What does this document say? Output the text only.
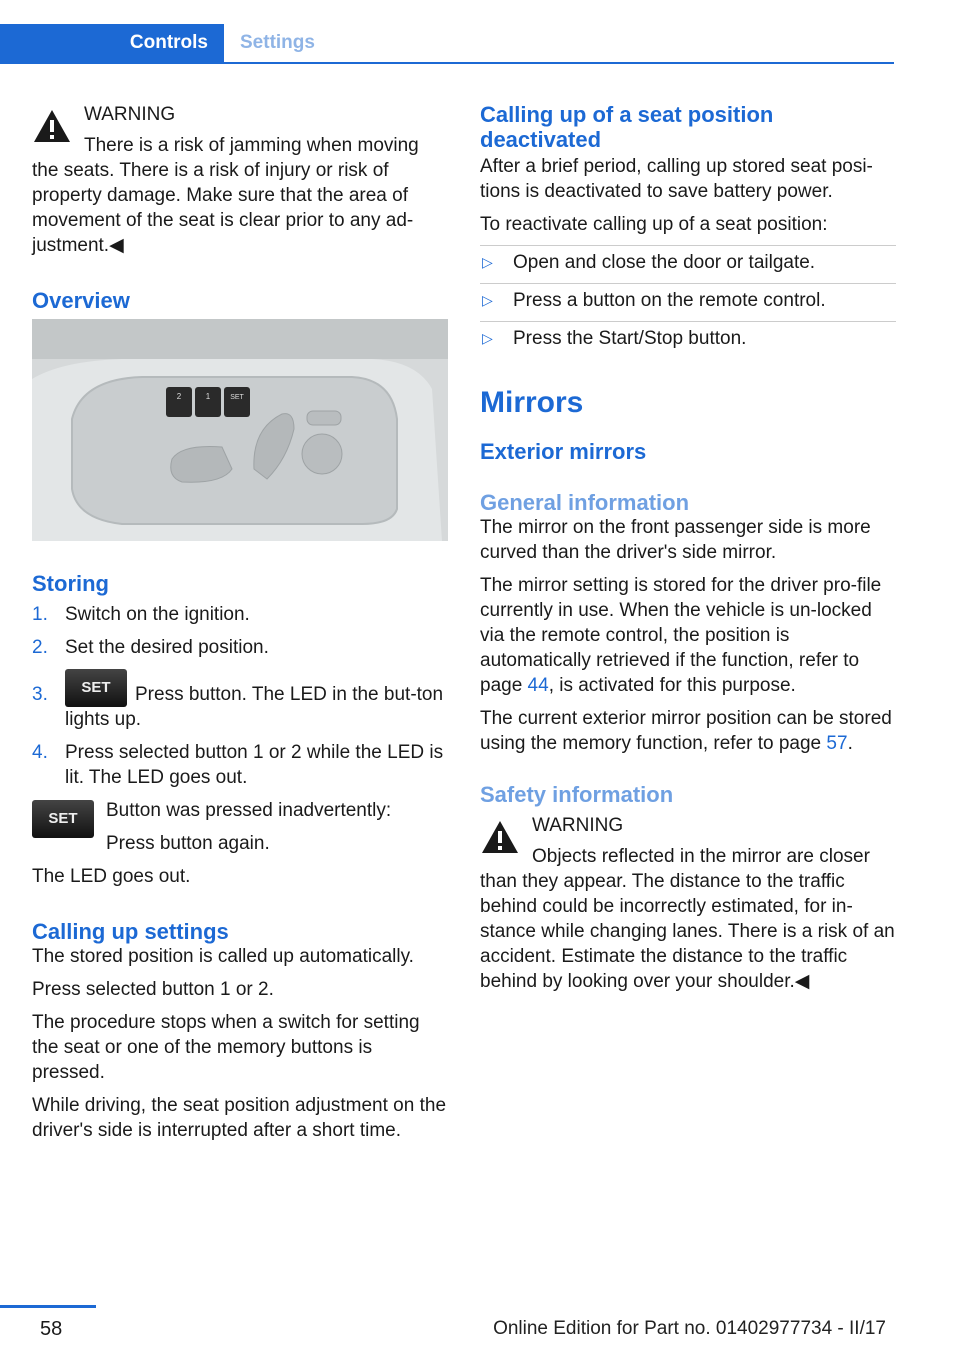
Controls	Settings

WARNING

There is a risk of jamming when moving

the seats. There is a risk of injury or risk of property damage. Make sure that the area of movement of the seat is clear prior to any ad‐justment.◀

Overview
2	1	SET
Storing
1. Switch on the ignition.
2. Set the desired position.
3. SET Press button. The LED in the but‐ton lights up.
4. Press selected button 1 or 2 while the LED is lit. The LED goes out.
SET	Button was pressed inadvertently:

Press button again.

The LED goes out.

Calling up settings

The stored position is called up automatically.

Press selected button 1 or 2.

The procedure stops when a switch for setting the seat or one of the memory buttons is pressed.

While driving, the seat position adjustment on the driver's side is interrupted after a short time.

Calling up of a seat position deactivated

After a brief period, calling up stored seat posi‐tions is deactivated to save battery power.

To reactivate calling up of a seat position:

▷ Open and close the door or tailgate.
▷ Press a button on the remote control.
▷ Press the Start/Stop button.
Mirrors
Exterior mirrors
General information

The mirror on the front passenger side is more curved than the driver's side mirror.

The mirror setting is stored for the driver pro‐file currently in use. When the vehicle is un‐locked via the remote control, the position is automatically retrieved if the function, refer to page 44, is activated for this purpose.

The current exterior mirror position can be stored using the memory function, refer to page 57.

Safety information

WARNING

Objects reflected in the mirror are closer

than they appear. The distance to the traffic behind could be incorrectly estimated, for in‐stance while changing lanes. There is a risk of an accident. Estimate the distance to the traffic behind by looking over your shoulder.◀

58	Online Edition for Part no. 01402977734 - II/17
